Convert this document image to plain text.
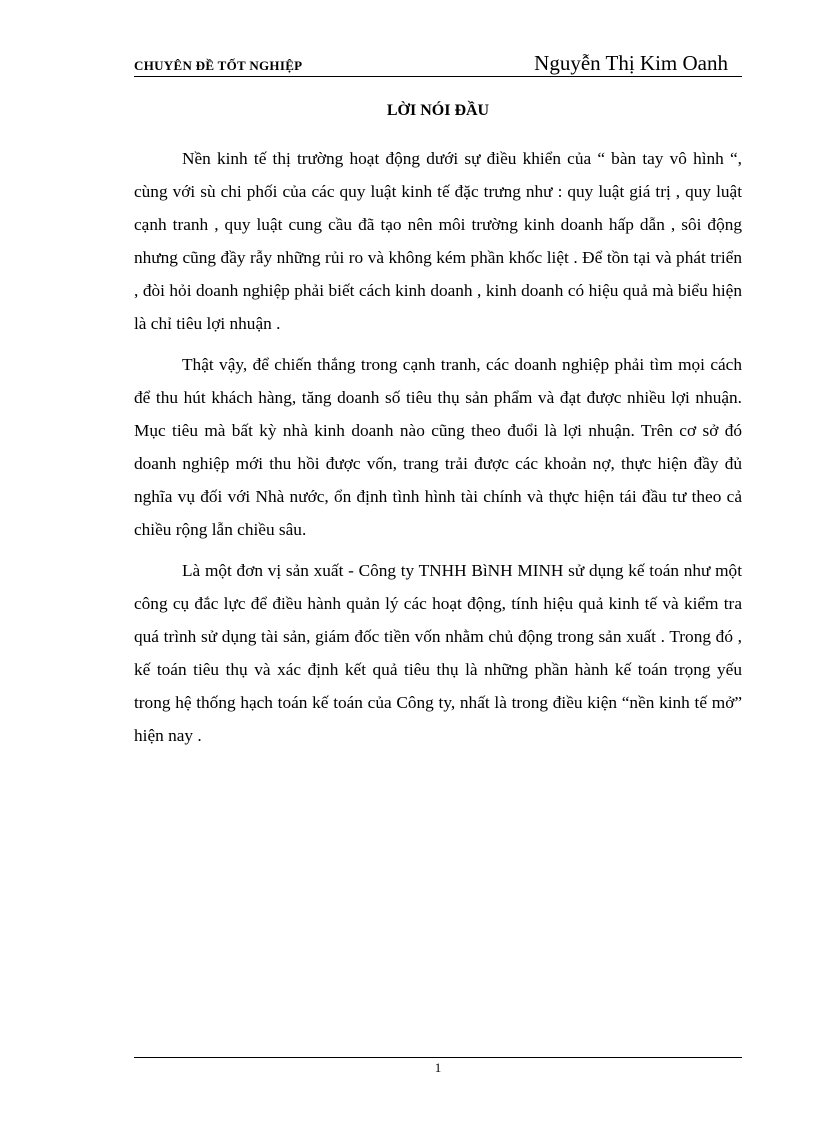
CHUYÊN ĐỀ TỐT NGHIỆP	Nguyễn Thị Kim Oanh
LỜI NÓI ĐẦU

Nền kinh tế thị trường hoạt động dưới sự điều khiển của “ bàn tay vô hình “, cùng với sù chi phối của các quy luật kinh tế đặc trưng như : quy luật giá trị , quy luật cạnh tranh , quy luật cung cầu đã tạo nên môi trường kinh doanh hấp dẫn , sôi động nhưng cũng đầy rẫy những rủi ro và không kém phần khốc liệt . Để tồn tại và phát triển , đòi hỏi doanh nghiệp phải biết cách kinh doanh , kinh doanh có hiệu quả mà biểu hiện là chỉ tiêu lợi nhuận .

Thật vậy, để chiến thắng trong cạnh tranh, các doanh nghiệp phải tìm mọi cách để thu hút khách hàng, tăng doanh số tiêu thụ sản phẩm và đạt được nhiều lợi nhuận. Mục tiêu mà bất kỳ nhà kinh doanh nào cũng theo đuổi là lợi nhuận. Trên cơ sở đó doanh nghiệp mới thu hồi được vốn, trang trải được các khoản nợ, thực hiện đầy đủ nghĩa vụ đối với Nhà nước, ổn định tình hình tài chính và thực hiện tái đầu tư theo cả chiều rộng lẫn chiều sâu.

Là một đơn vị sản xuất - Công ty TNHH BìNH MINH sử dụng kế toán như một công cụ đắc lực để điều hành quản lý các hoạt động, tính hiệu quả kinh tế và kiểm tra quá trình sử dụng tài sản, giám đốc tiền vốn nhằm chủ động trong sản xuất . Trong đó , kế toán tiêu thụ và xác định kết quả tiêu thụ là những phần hành kế toán trọng yếu trong hệ thống hạch toán kế toán của Công ty, nhất là trong điều kiện “nền kinh tế mở” hiện nay .

1
